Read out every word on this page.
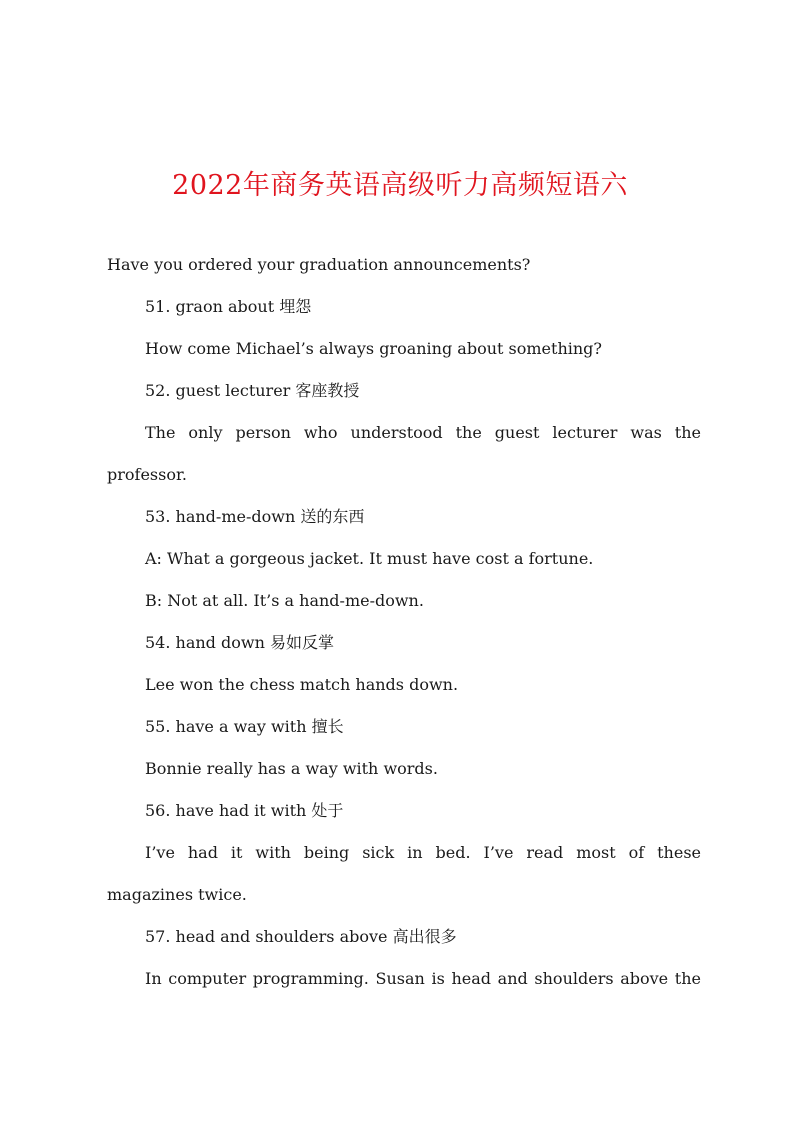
2022年商务英语高级听力高频短语六

Have you ordered your graduation announcements?

51. graon about 埋怨

How come Michael’s always groaning about something?

52. guest lecturer 客座教授

The only person who understood the guest lecturer was the

professor.

53. hand-me-down 送的东西

A: What a gorgeous jacket. It must have cost a fortune.

B: Not at all. It’s a hand-me-down.

54. hand down 易如反掌

Lee won the chess match hands down.

55. have a way with 擅长

Bonnie really has a way with words.

56. have had it with 处于

I’ve had it with being sick in bed. I’ve read most of these

magazines twice.

57. head and shoulders above 高出很多

In computer programming. Susan is head and shoulders above the
